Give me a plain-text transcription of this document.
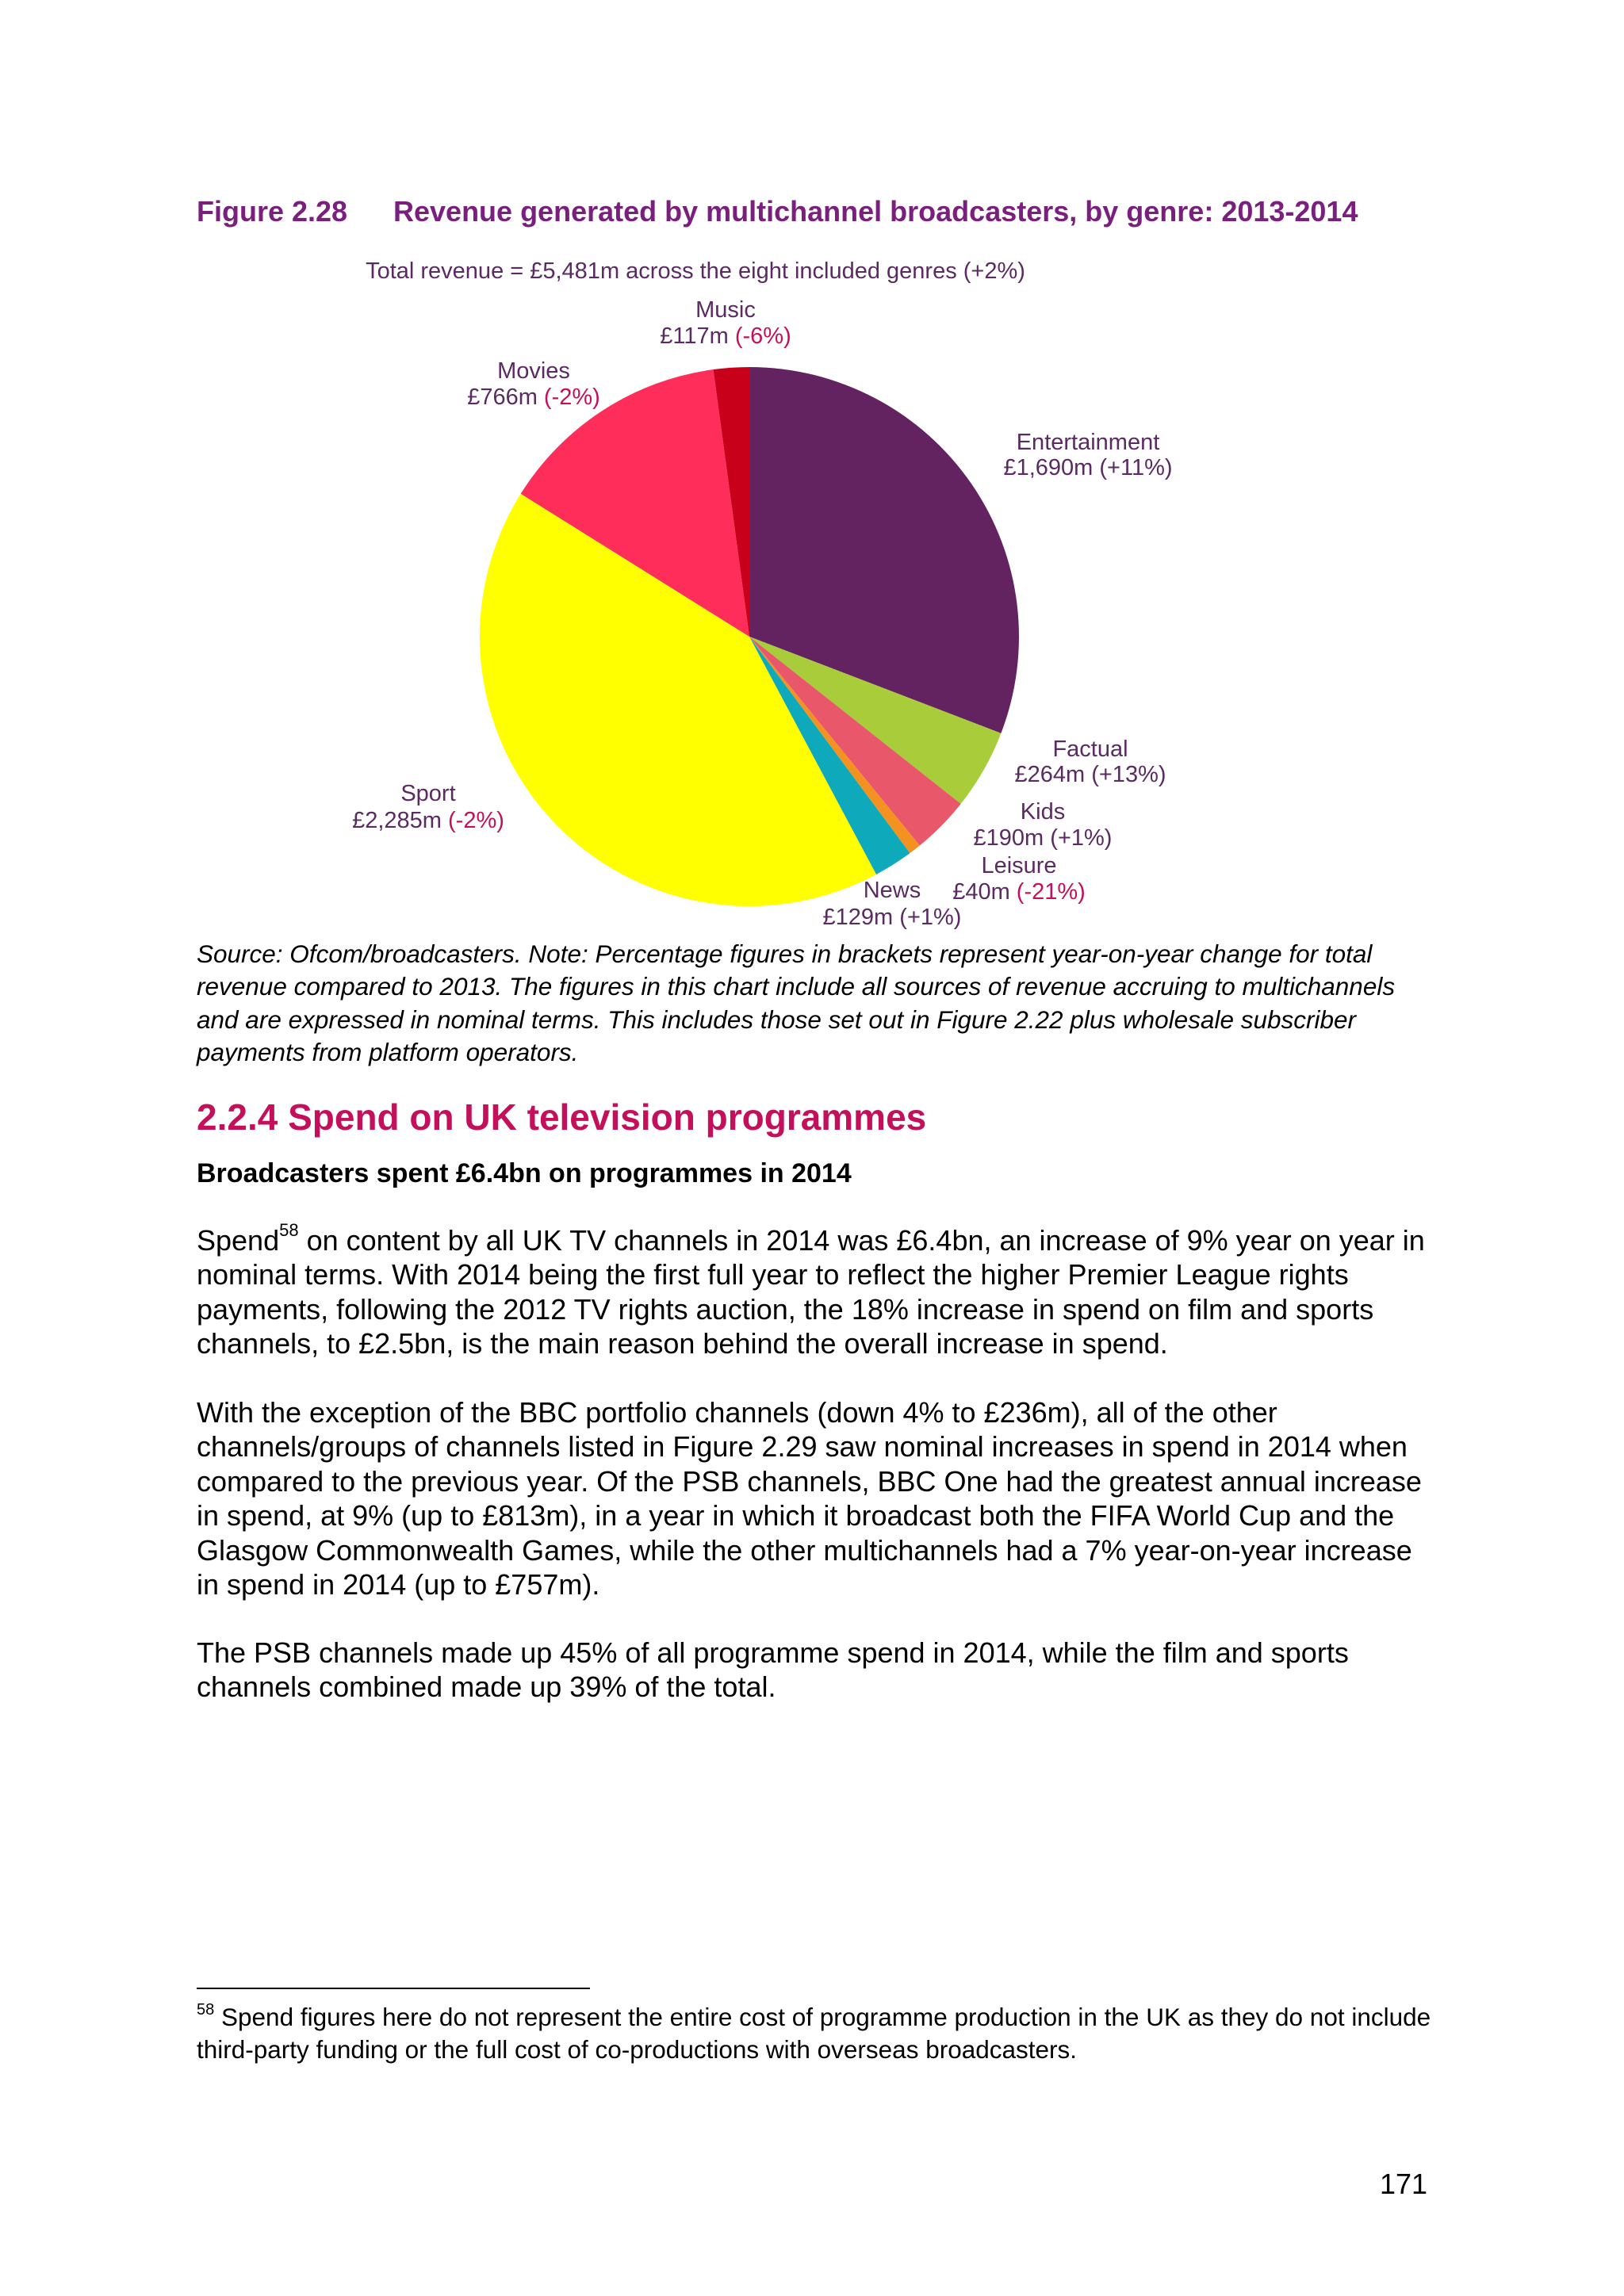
Figure 2.28 Revenue generated by multichannel broadcasters, by genre: 2013-2014
Total revenue = £5,481m across the eight included genres (+2%)
Entertainment
£1,690m (+11%)
Factual
£264m (+13%)
Kids
£190m (+1%)
Leisure
£40m (-21%)
News
£129m (+1%)
Sport
£2,285m (-2%)
Movies
£766m (-2%)
Music
£117m (-6%)
Source: Ofcom/broadcasters. Note: Percentage figures in brackets represent year-on-year change for total revenue compared to 2013. The figures in this chart include all sources of revenue accruing to multichannels and are expressed in nominal terms. This includes those set out in Figure 2.22 plus wholesale subscriber payments from platform operators.
2.2.4 Spend on UK television programmes
Broadcasters spent £6.4bn on programmes in 2014
Spend$^{58}$ on content by all UK TV channels in 2014 was £6.4bn, an increase of 9% year on year in nominal terms. With 2014 being the first full year to reflect the higher Premier League rights payments, following the 2012 TV rights auction, the 18% increase in spend on film and sports channels, to £2.5bn, is the main reason behind the overall increase in spend.
With the exception of the BBC portfolio channels (down 4% to £236m), all of the other channels/groups of channels listed in Figure 2.29 saw nominal increases in spend in 2014 when compared to the previous year. Of the PSB channels, BBC One had the greatest annual increase in spend, at 9% (up to £813m), in a year in which it broadcast both the FIFA World Cup and the Glasgow Commonwealth Games, while the other multichannels had a 7% year-on-year increase in spend in 2014 (up to £757m).
The PSB channels made up 45% of all programme spend in 2014, while the film and sports channels combined made up 39% of the total.
$^{58}$ Spend figures here do not represent the entire cost of programme production in the UK as they do not include third-party funding or the full cost of co-productions with overseas broadcasters.
171
